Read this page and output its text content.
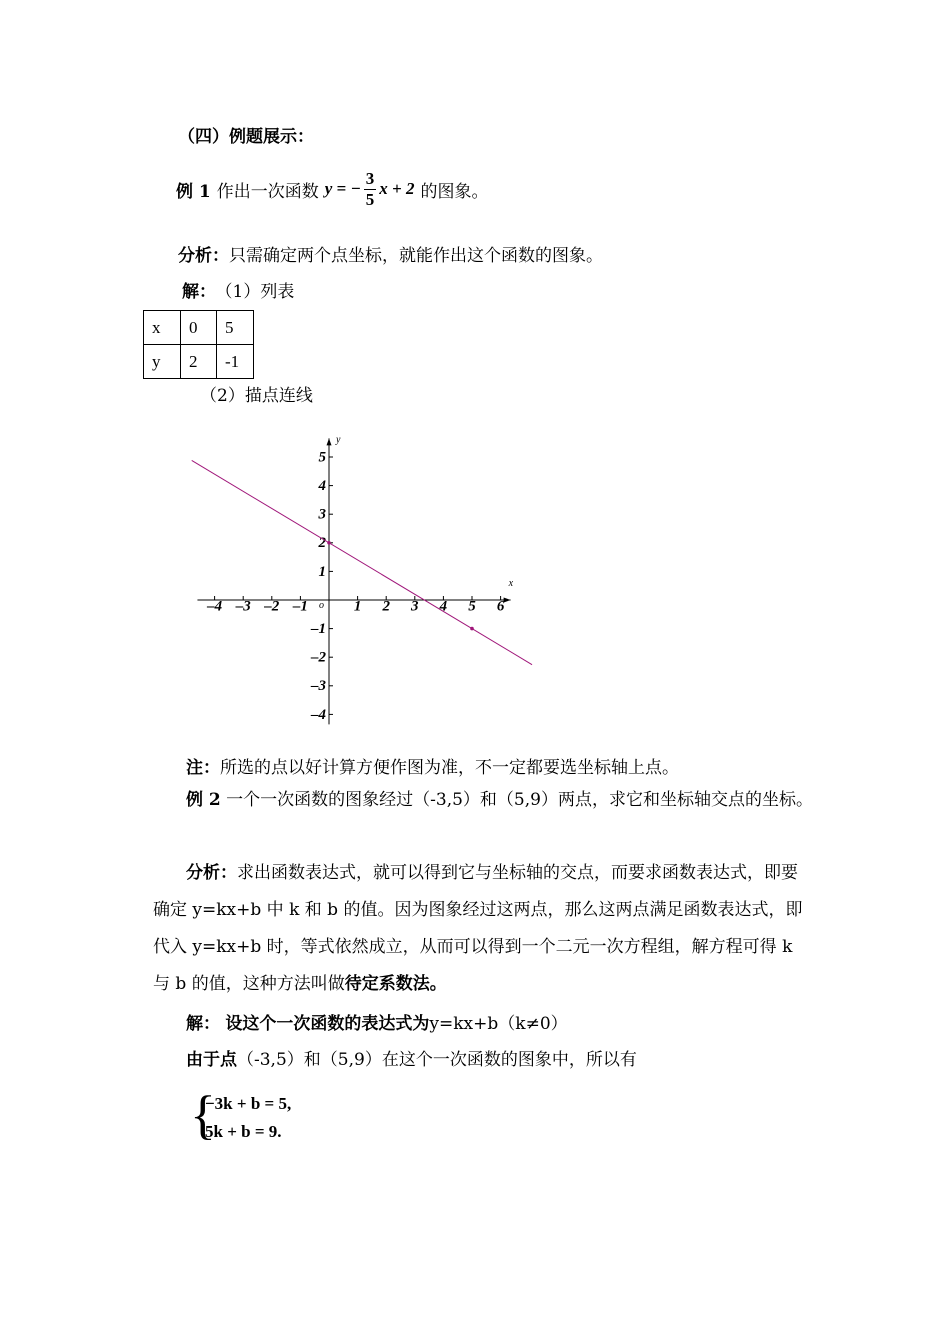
（四）例题展示：
例 1 作出一次函数 y = − $\frac{3}{5}$ x + 2 的图象。
分析：只需确定两个点坐标，就能作出这个函数的图象。
解： （1）列表
x	0	5
y	2	-1
（2）描点连线
x
y
o
–4 –3 –2 –1	1 2 3 4 5 6
5
4
3
2
1
–1
–2
–3
–4
注：所选的点以好计算方便作图为准，不一定都要选坐标轴上点。
例 2 一个一次函数的图象经过（-3,5）和（5,9）两点，求它和坐标轴交点的坐标。
分析：求出函数表达式，就可以得到它与坐标轴的交点，而要求函数表达式，即要确定 y=kx+b 中 k 和 b 的值。因为图象经过这两点，那么这两点满足函数表达式，即代入 y=kx+b 时，等式依然成立，从而可以得到一个二元一次方程组，解方程可得 k 与 b 的值，这种方法叫做待定系数法。
解： 设这个一次函数的表达式为y=kx+b（k≠0）
由于点（-3,5）和（5,9）在这个一次函数的图象中，所以有
{
−3k + b = 5,
5k + b = 9.
